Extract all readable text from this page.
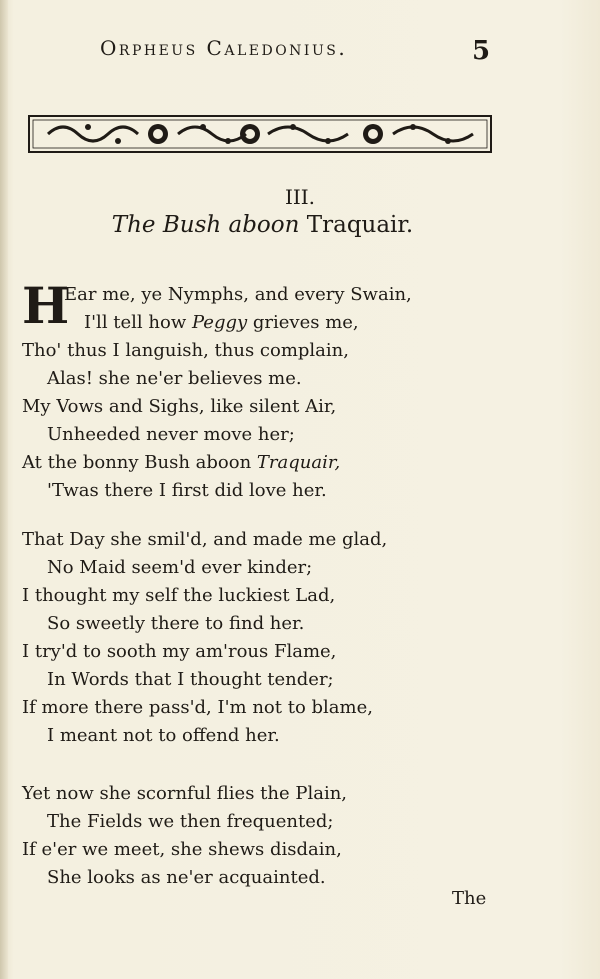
Orpheus Caledonius.	5
III.
The Bush aboon Traquair.
H
Ear me, ye Nymphs, and every Swain,
I'll tell how Peggy grieves me,
Tho' thus I languish, thus complain,
Alas! she ne'er believes me.
My Vows and Sighs, like silent Air,
Unheeded never move her;
At the bonny Bush aboon Traquair,
'Twas there I first did love her.
That Day she smil'd, and made me glad,
No Maid seem'd ever kinder;
I thought my self the luckiest Lad,
So sweetly there to find her.
I try'd to sooth my am'rous Flame,
In Words that I thought tender;
If more there pass'd, I'm not to blame,
I meant not to offend her.
Yet now she scornful flies the Plain,
The Fields we then frequented;
If e'er we meet, she shews disdain,
She looks as ne'er acquainted.
The
